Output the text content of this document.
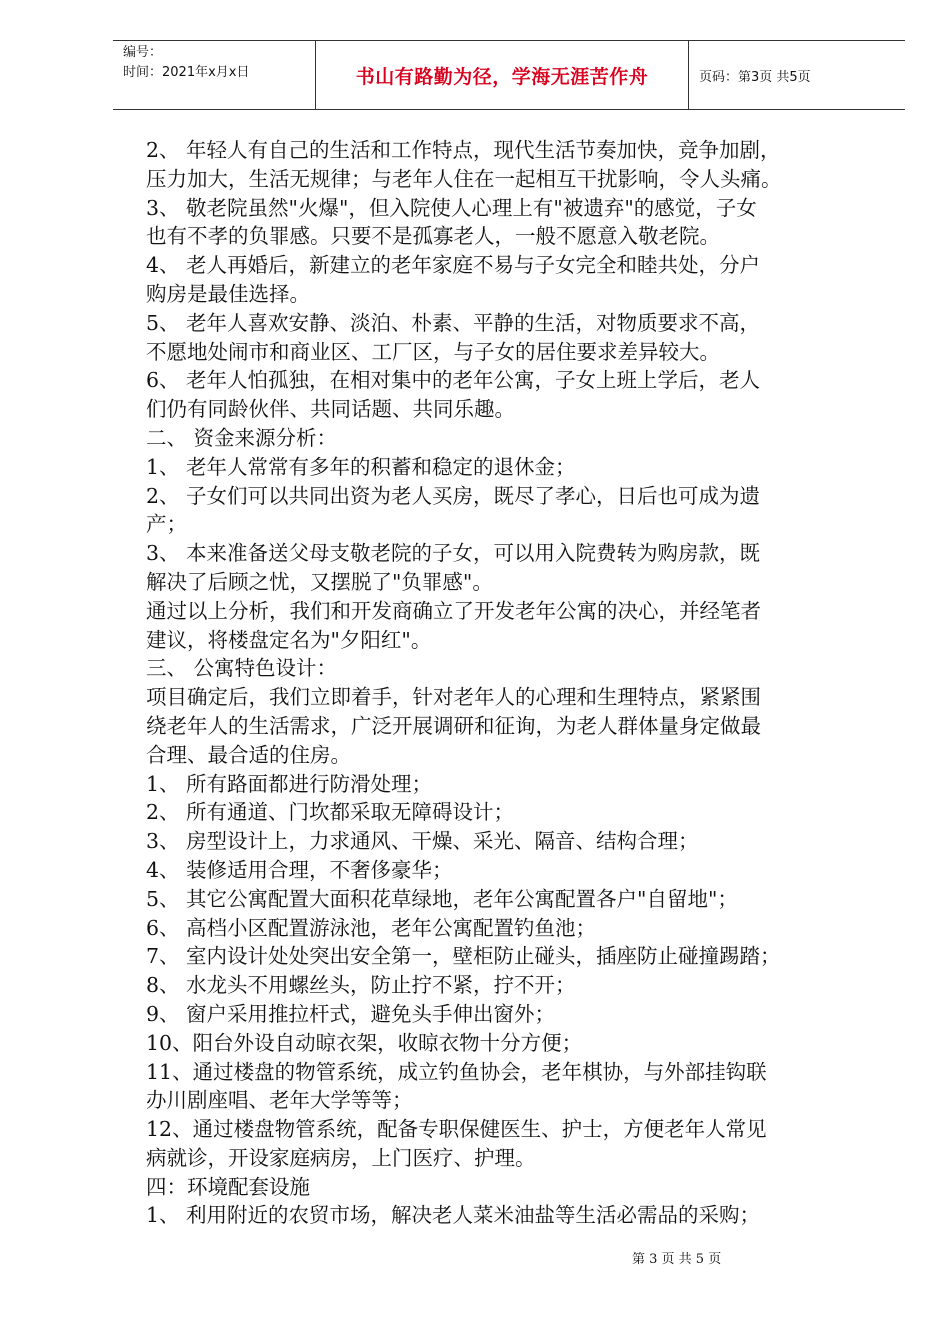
编号：
时间：2021年x月x日	书山有路勤为径，学海无涯苦作舟	页码：第3页 共5页
2、 年轻人有自己的生活和工作特点，现代生活节奏加快，竞争加剧，
压力加大，生活无规律；与老年人住在一起相互干扰影响，令人头痛。
3、 敬老院虽然"火爆"，但入院使人心理上有"被遗弃"的感觉，子女
也有不孝的负罪感。只要不是孤寡老人，一般不愿意入敬老院。
4、 老人再婚后，新建立的老年家庭不易与子女完全和睦共处，分户
购房是最佳选择。
5、 老年人喜欢安静、淡泊、朴素、平静的生活，对物质要求不高，
不愿地处闹市和商业区、工厂区，与子女的居住要求差异较大。
6、 老年人怕孤独，在相对集中的老年公寓，子女上班上学后，老人
们仍有同龄伙伴、共同话题、共同乐趣。
二、 资金来源分析：
1、 老年人常常有多年的积蓄和稳定的退休金；
2、 子女们可以共同出资为老人买房，既尽了孝心，日后也可成为遗
产；
3、 本来准备送父母支敬老院的子女，可以用入院费转为购房款，既
解决了后顾之忧，又摆脱了"负罪感"。
通过以上分析，我们和开发商确立了开发老年公寓的决心，并经笔者
建议，将楼盘定名为"夕阳红"。
三、 公寓特色设计：
项目确定后，我们立即着手，针对老年人的心理和生理特点，紧紧围
绕老年人的生活需求，广泛开展调研和征询，为老人群体量身定做最
合理、最合适的住房。
1、 所有路面都进行防滑处理；
2、 所有通道、门坎都采取无障碍设计；
3、 房型设计上，力求通风、干燥、采光、隔音、结构合理；
4、 装修适用合理，不奢侈豪华；
5、 其它公寓配置大面积花草绿地，老年公寓配置各户"自留地"；
6、 高档小区配置游泳池，老年公寓配置钓鱼池；
7、 室内设计处处突出安全第一，壁柜防止碰头，插座防止碰撞踢踏；
8、 水龙头不用螺丝头，防止拧不紧，拧不开；
9、 窗户采用推拉杆式，避免头手伸出窗外；
10、阳台外设自动晾衣架，收晾衣物十分方便；
11、通过楼盘的物管系统，成立钓鱼协会，老年棋协，与外部挂钩联
办川剧座唱、老年大学等等；
12、通过楼盘物管系统，配备专职保健医生、护士，方便老年人常见
病就诊，开设家庭病房，上门医疗、护理。
四：环境配套设施
1、 利用附近的农贸市场，解决老人菜米油盐等生活必需品的采购；
第 3 页 共 5 页
